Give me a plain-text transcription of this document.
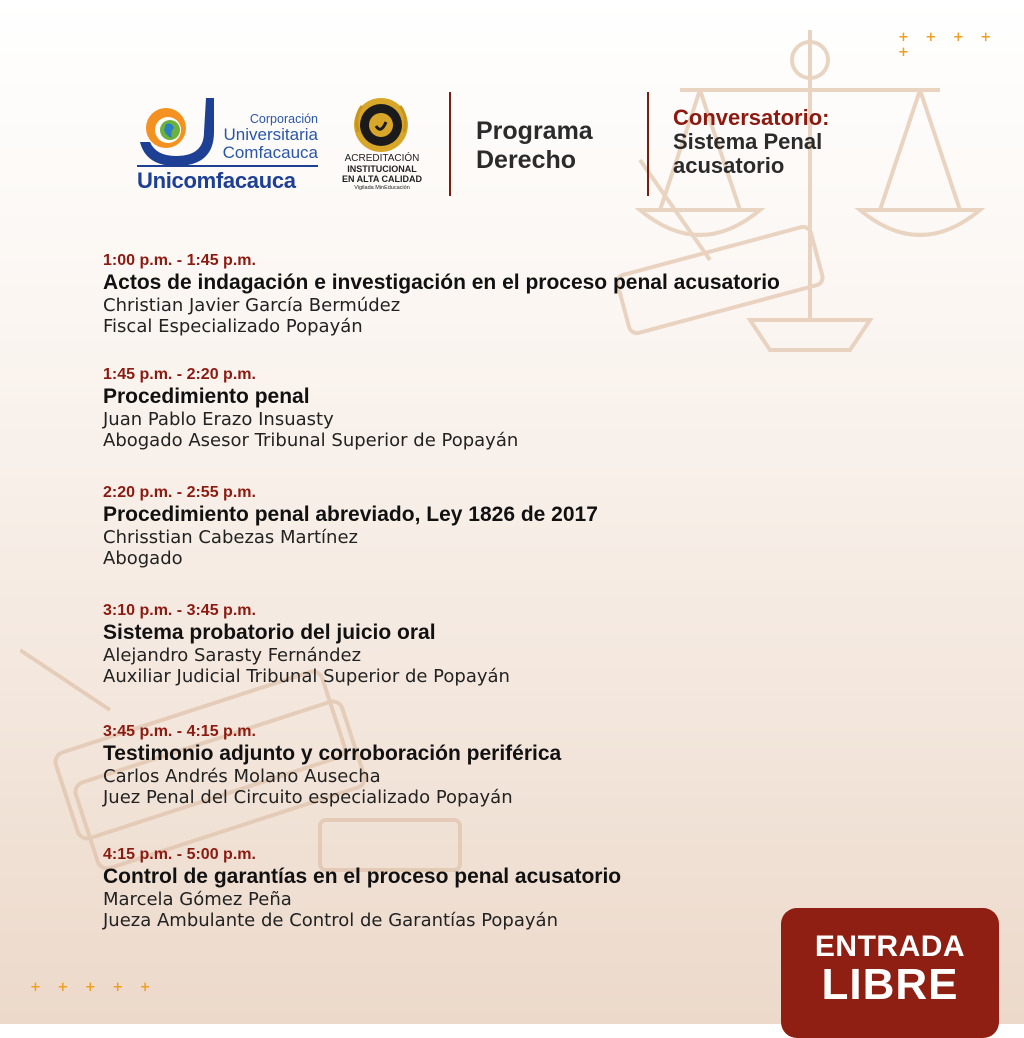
+ + + + +
+ + + + +
Corporación
Universitaria
Comfacauca
Unicomfacauca
ACREDITACIÓN
INSTITUCIONAL
EN ALTA CALIDAD
Vigilada MinEducación
Programa
Derecho
Conversatorio:
Sistema Penal
acusatorio
1:00 p.m. - 1:45 p.m.
Actos de indagación e investigación en el proceso penal acusatorio
Christian Javier García Bermúdez
Fiscal Especializado Popayán
1:45 p.m. - 2:20 p.m.
Procedimiento penal
Juan Pablo Erazo Insuasty
Abogado Asesor Tribunal Superior de Popayán
2:20 p.m. - 2:55 p.m.
Procedimiento penal abreviado, Ley 1826 de 2017
Chrisstian Cabezas Martínez
Abogado
3:10 p.m. - 3:45 p.m.
Sistema probatorio del juicio oral
Alejandro Sarasty Fernández
Auxiliar Judicial Tribunal Superior de Popayán
3:45 p.m. - 4:15 p.m.
Testimonio adjunto y corroboración periférica
Carlos Andrés Molano Ausecha
Juez Penal del Circuito especializado Popayán
4:15 p.m. - 5:00 p.m.
Control de garantías en el proceso penal acusatorio
Marcela Gómez Peña
Jueza Ambulante de Control de Garantías Popayán
ENTRADA
LIBRE
